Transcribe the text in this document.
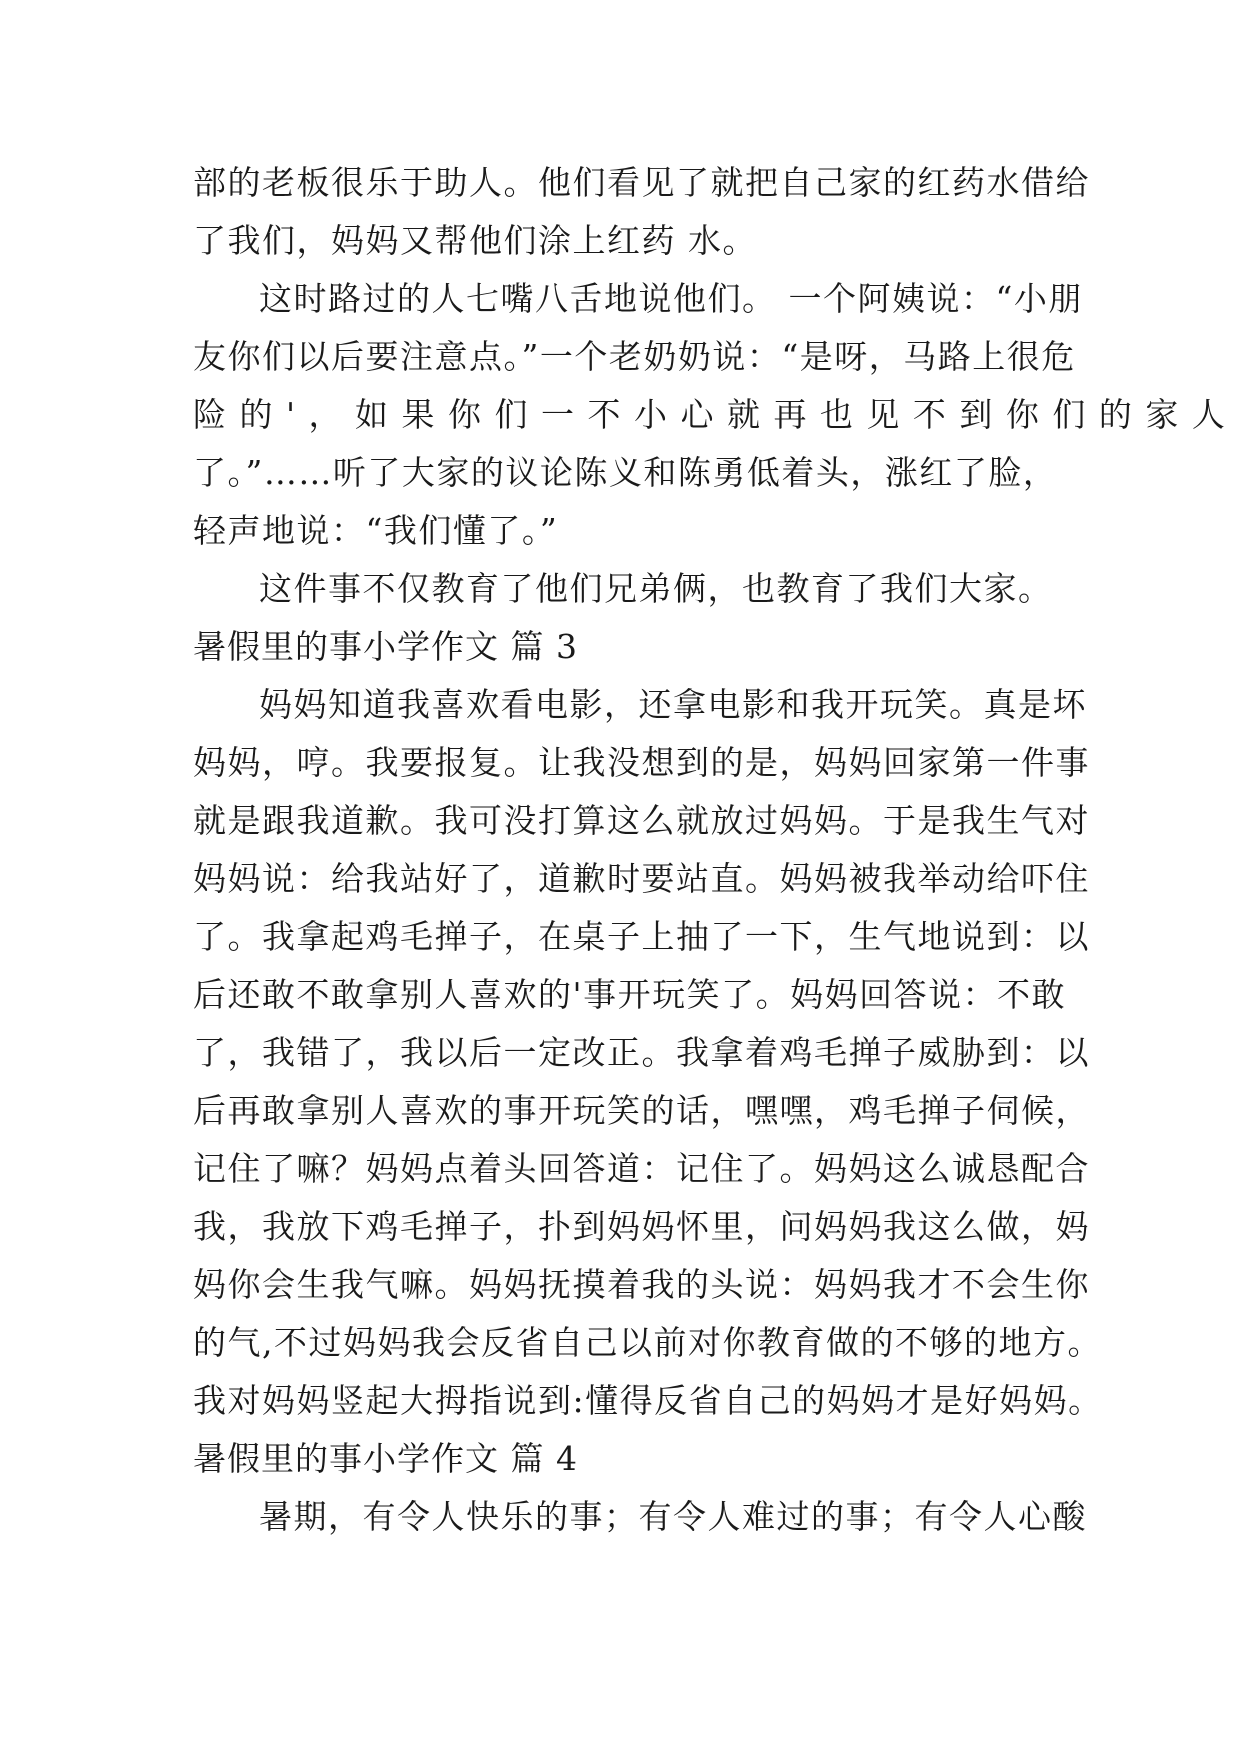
部的老板很乐于助人。他们看见了就把自己家的红药水借给
了我们，妈妈又帮他们涂上红药 水。
这时路过的人七嘴八舌地说他们。 一个阿姨说：“小朋
友你们以后要注意点。”一个老奶奶说：“是呀，马路上很危
险 的 ' ， 如 果 你 们 一 不 小 心 就 再 也 见 不 到 你 们 的 家 人
了。”……听了大家的议论陈义和陈勇低着头，涨红了脸，
轻声地说：“我们懂了。”
这件事不仅教育了他们兄弟俩，也教育了我们大家。
暑假里的事小学作文 篇 3
妈妈知道我喜欢看电影，还拿电影和我开玩笑。真是坏
妈妈，哼。我要报复。让我没想到的是，妈妈回家第一件事
就是跟我道歉。我可没打算这么就放过妈妈。于是我生气对
妈妈说：给我站好了，道歉时要站直。妈妈被我举动给吓住
了。我拿起鸡毛掸子，在桌子上抽了一下，生气地说到：以
后还敢不敢拿别人喜欢的'事开玩笑了。妈妈回答说：不敢
了，我错了，我以后一定改正。我拿着鸡毛掸子威胁到：以
后再敢拿别人喜欢的事开玩笑的话，嘿嘿，鸡毛掸子伺候，
记住了嘛？妈妈点着头回答道：记住了。妈妈这么诚恳配合
我，我放下鸡毛掸子，扑到妈妈怀里，问妈妈我这么做，妈
妈你会生我气嘛。妈妈抚摸着我的头说：妈妈我才不会生你
的气,不过妈妈我会反省自己以前对你教育做的不够的地方。
我对妈妈竖起大拇指说到:懂得反省自己的妈妈才是好妈妈。
暑假里的事小学作文 篇 4
暑期，有令人快乐的事；有令人难过的事；有令人心酸
